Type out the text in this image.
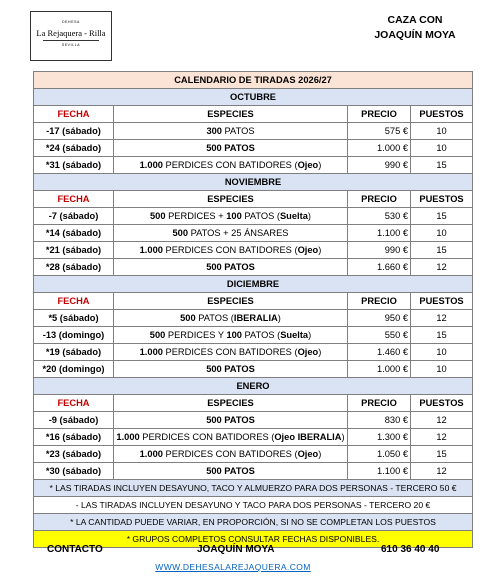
DEHESA
La Rejaquera - Rilla
SEVILLA
CAZA CON
JOAQUÍN MOYA
CALENDARIO DE TIRADAS 2026/27			
OCTUBRE			
FECHA	ESPECIES	PRECIO	PUESTOS
-17 (sábado)	300 PATOS	575 €	10
*24 (sábado)	500 PATOS	1.000 €	10
*31 (sábado)	1.000 PERDICES CON BATIDORES (Ojeo)	990 €	15
NOVIEMBRE			
FECHA	ESPECIES	PRECIO	PUESTOS
-7 (sábado)	500 PERDICES + 100 PATOS (Suelta)	530 €	15
*14 (sábado)	500 PATOS + 25 ÁNSARES	1.100 €	10
*21 (sábado)	1.000 PERDICES CON BATIDORES (Ojeo)	990 €	15
*28 (sábado)	500 PATOS	1.660 €	12
DICIEMBRE			
FECHA	ESPECIES	PRECIO	PUESTOS
*5 (sábado)	500 PATOS (IBERALIA)	950 €	12
-13 (domingo)	500 PERDICES Y 100 PATOS (Suelta)	550 €	15
*19 (sábado)	1.000 PERDICES CON BATIDORES (Ojeo)	1.460 €	10
*20 (domingo)	500 PATOS	1.000 €	10
ENERO			
FECHA	ESPECIES	PRECIO	PUESTOS
-9 (sábado)	500 PATOS	830 €	12
*16 (sábado)	1.000 PERDICES CON BATIDORES (Ojeo IBERALIA)	1.300 €	12
*23 (sábado)	1.000 PERDICES CON BATIDORES (Ojeo)	1.050 €	15
*30 (sábado)	500 PATOS	1.100 €	12
* LAS TIRADAS INCLUYEN DESAYUNO, TACO Y ALMUERZO PARA DOS PERSONAS - TERCERO 50 €			
- LAS TIRADAS INCLUYEN DESAYUNO Y TACO PARA DOS PERSONAS - TERCERO 20 €			
* LA CANTIDAD PUEDE VARIAR, EN PROPORCIÓN, SI NO SE COMPLETAN LOS PUESTOS			
* GRUPOS COMPLETOS CONSULTAR FECHAS DISPONIBLES.			
CONTACTO	JOAQUÍN MOYA	610 36 40 40
WWW.DEHESALAREJAQUERA.COM
